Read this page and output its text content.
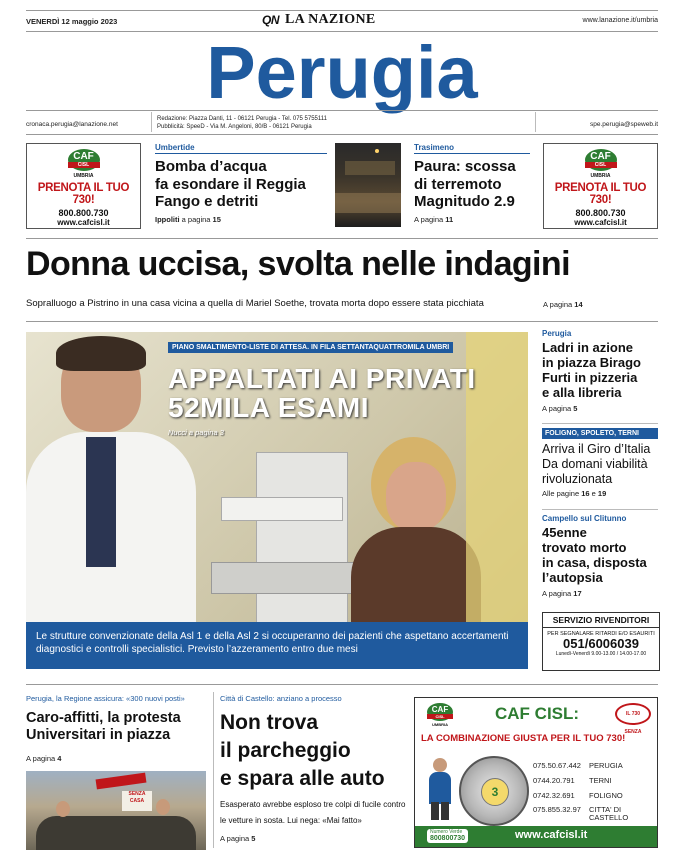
VENERDÌ 12 maggio 2023	QN LA NAZIONE	www.lanazione.it/umbria
Perugia
cronaca.perugia@lanazione.net
Redazione: Piazza Danti, 11 - 06121 Perugia - Tel. 075 5755111
Pubblicità: SpeeD - Via M. Angeloni, 80/B - 06121 Perugia	spe.perugia@speweb.it
CAF
CISL
UMBRIA
PRENOTA IL TUO 730!
800.800.730
www.cafcisl.it
Umbertide
Bomba d’acqua
fa esondare il Reggia
Fango e detriti
Ippoliti a pagina 15
Trasimeno
Paura: scossa
di terremoto
Magnitudo 2.9
A pagina 11
CAF
CISL
UMBRIA
PRENOTA IL TUO 730!
800.800.730
www.cafcisl.it
Donna uccisa, svolta nelle indagini
Sopralluogo a Pistrino in una casa vicina a quella di Mariel Soethe, trovata morta dopo essere stata picchiata	A pagina 14
PIANO SMALTIMENTO-LISTE DI ATTESA. IN FILA SETTANTAQUATTROMILA UMBRI
APPALTATI AI PRIVATI
52MILA ESAMI
Nucci a pagina 3
Le strutture convenzionate della Asl 1 e della Asl 2 si occuperanno dei pazienti che aspettano accertamenti diagnostici e controlli specialistici. Previsto l’azzeramento entro due mesi
Perugia
Ladri in azione
in piazza Birago
Furti in pizzeria
e alla libreria
A pagina 5
FOLIGNO, SPOLETO, TERNI
Arriva il Giro d’Italia
Da domani viabilità
rivoluzionata
Alle pagine 16 e 19
Campello sul Clitunno
45enne
trovato morto
in casa, disposta
l’autopsia
A pagina 17
SERVIZIO RIVENDITORI
PER SEGNALARE RITARDI E/O ESAURITI
051/6006039
Lunedì-Venerdì 9.00-13.00 / 14.00-17.00
Perugia, la Regione assicura: «300 nuovi posti»
Caro-affitti, la protesta
Universitari in piazza
A pagina 4
SENZA CASA
Città di Castello: anziano a processo
Non trova
il parcheggio
e spara alle auto
Esasperato avrebbe esploso tre colpi di fucile contro le vetture in sosta. Lui nega: «Mai fatto»
A pagina 5
CAF
CISL
UMBRIA
CAF CISL:	IL 730 SENZA
LA COMBINAZIONE GIUSTA PER IL TUO 730!
3
075.50.67.442	PERUGIA
0744.20.791	TERNI
0742.32.691	FOLIGNO
075.855.32.97	CITTA' DI CASTELLO
Numero Verde
800800730	www.cafcisl.it
